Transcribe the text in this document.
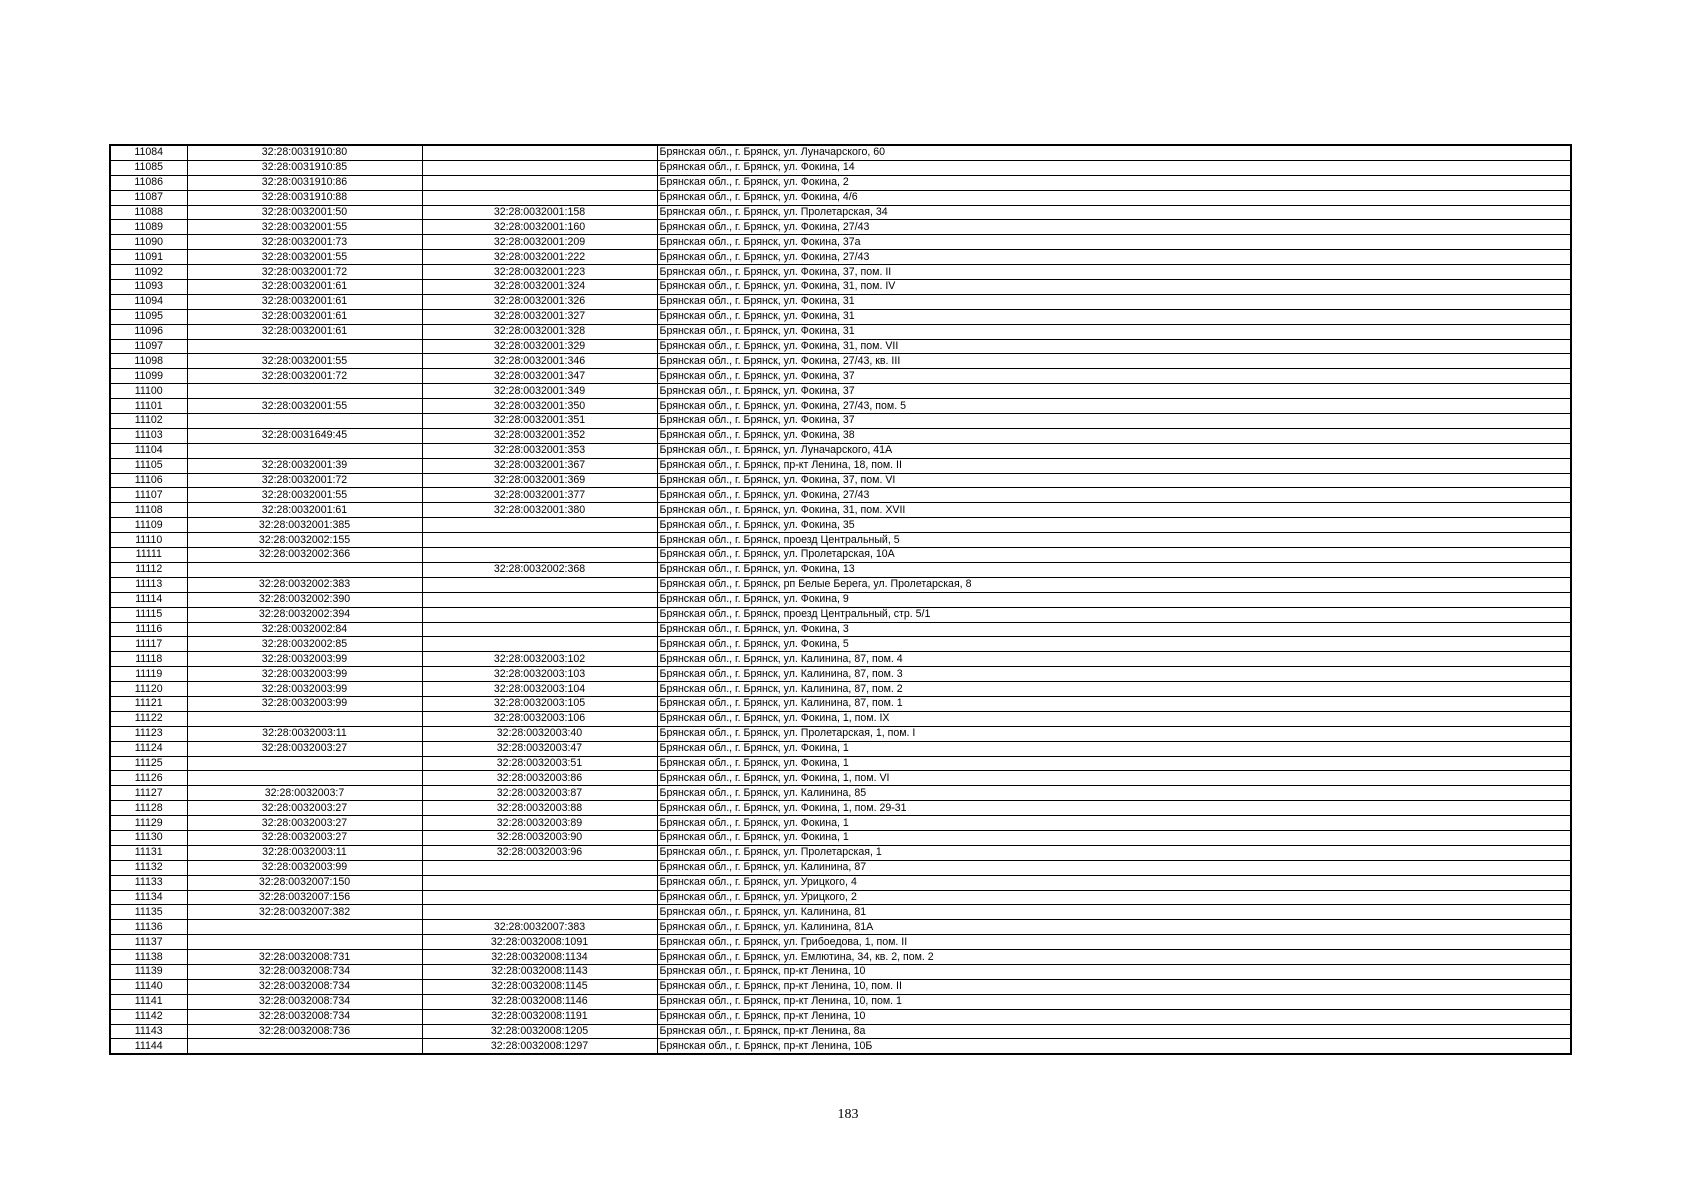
11084	32:28:0031910:80		Брянская обл., г. Брянск, ул. Луначарского, 60
11085	32:28:0031910:85		Брянская обл., г. Брянск, ул. Фокина, 14
11086	32:28:0031910:86		Брянская обл., г. Брянск, ул. Фокина, 2
11087	32:28:0031910:88		Брянская обл., г. Брянск, ул. Фокина, 4/6
11088	32:28:0032001:50	32:28:0032001:158	Брянская обл., г. Брянск, ул. Пролетарская, 34
11089	32:28:0032001:55	32:28:0032001:160	Брянская обл., г. Брянск, ул. Фокина, 27/43
11090	32:28:0032001:73	32:28:0032001:209	Брянская обл., г. Брянск, ул. Фокина, 37а
11091	32:28:0032001:55	32:28:0032001:222	Брянская обл., г. Брянск, ул. Фокина, 27/43
11092	32:28:0032001:72	32:28:0032001:223	Брянская обл., г. Брянск, ул. Фокина, 37, пом. II
11093	32:28:0032001:61	32:28:0032001:324	Брянская обл., г. Брянск, ул. Фокина, 31, пом. IV
11094	32:28:0032001:61	32:28:0032001:326	Брянская обл., г. Брянск, ул. Фокина, 31
11095	32:28:0032001:61	32:28:0032001:327	Брянская обл., г. Брянск, ул. Фокина, 31
11096	32:28:0032001:61	32:28:0032001:328	Брянская обл., г. Брянск, ул. Фокина, 31
11097		32:28:0032001:329	Брянская обл., г. Брянск, ул. Фокина, 31, пом. VII
11098	32:28:0032001:55	32:28:0032001:346	Брянская обл., г. Брянск, ул. Фокина, 27/43, кв. III
11099	32:28:0032001:72	32:28:0032001:347	Брянская обл., г. Брянск, ул. Фокина, 37
11100		32:28:0032001:349	Брянская обл., г. Брянск, ул. Фокина, 37
11101	32:28:0032001:55	32:28:0032001:350	Брянская обл., г. Брянск, ул. Фокина, 27/43, пом. 5
11102		32:28:0032001:351	Брянская обл., г. Брянск, ул. Фокина, 37
11103	32:28:0031649:45	32:28:0032001:352	Брянская обл., г. Брянск, ул. Фокина, 38
11104		32:28:0032001:353	Брянская обл., г. Брянск, ул. Луначарского, 41А
11105	32:28:0032001:39	32:28:0032001:367	Брянская обл., г. Брянск, пр-кт Ленина, 18, пом. II
11106	32:28:0032001:72	32:28:0032001:369	Брянская обл., г. Брянск, ул. Фокина, 37, пом. VI
11107	32:28:0032001:55	32:28:0032001:377	Брянская обл., г. Брянск, ул. Фокина, 27/43
11108	32:28:0032001:61	32:28:0032001:380	Брянская обл., г. Брянск, ул. Фокина, 31, пом. XVII
11109	32:28:0032001:385		Брянская обл., г. Брянск, ул. Фокина, 35
11110	32:28:0032002:155		Брянская обл., г. Брянск, проезд Центральный, 5
11111	32:28:0032002:366		Брянская обл., г. Брянск, ул. Пролетарская, 10А
11112		32:28:0032002:368	Брянская обл., г. Брянск, ул. Фокина, 13
11113	32:28:0032002:383		Брянская обл., г. Брянск, рп Белые Берега, ул. Пролетарская, 8
11114	32:28:0032002:390		Брянская обл., г. Брянск, ул. Фокина, 9
11115	32:28:0032002:394		Брянская обл., г. Брянск, проезд Центральный, стр. 5/1
11116	32:28:0032002:84		Брянская обл., г. Брянск, ул. Фокина, 3
11117	32:28:0032002:85		Брянская обл., г. Брянск, ул. Фокина, 5
11118	32:28:0032003:99	32:28:0032003:102	Брянская обл., г. Брянск, ул. Калинина, 87, пом. 4
11119	32:28:0032003:99	32:28:0032003:103	Брянская обл., г. Брянск, ул. Калинина, 87, пом. 3
11120	32:28:0032003:99	32:28:0032003:104	Брянская обл., г. Брянск, ул. Калинина, 87, пом. 2
11121	32:28:0032003:99	32:28:0032003:105	Брянская обл., г. Брянск, ул. Калинина, 87, пом. 1
11122		32:28:0032003:106	Брянская обл., г. Брянск, ул. Фокина, 1, пом. IX
11123	32:28:0032003:11	32:28:0032003:40	Брянская обл., г. Брянск, ул. Пролетарская, 1, пом. I
11124	32:28:0032003:27	32:28:0032003:47	Брянская обл., г. Брянск, ул. Фокина, 1
11125		32:28:0032003:51	Брянская обл., г. Брянск, ул. Фокина, 1
11126		32:28:0032003:86	Брянская обл., г. Брянск, ул. Фокина, 1, пом. VI
11127	32:28:0032003:7	32:28:0032003:87	Брянская обл., г. Брянск, ул. Калинина, 85
11128	32:28:0032003:27	32:28:0032003:88	Брянская обл., г. Брянск, ул. Фокина, 1, пом. 29-31
11129	32:28:0032003:27	32:28:0032003:89	Брянская обл., г. Брянск, ул. Фокина, 1
11130	32:28:0032003:27	32:28:0032003:90	Брянская обл., г. Брянск, ул. Фокина, 1
11131	32:28:0032003:11	32:28:0032003:96	Брянская обл., г. Брянск, ул. Пролетарская, 1
11132	32:28:0032003:99		Брянская обл., г. Брянск, ул. Калинина, 87
11133	32:28:0032007:150		Брянская обл., г. Брянск, ул. Урицкого, 4
11134	32:28:0032007:156		Брянская обл., г. Брянск, ул. Урицкого, 2
11135	32:28:0032007:382		Брянская обл., г. Брянск, ул. Калинина, 81
11136		32:28:0032007:383	Брянская обл., г. Брянск, ул. Калинина, 81А
11137		32:28:0032008:1091	Брянская обл., г. Брянск, ул. Грибоедова, 1, пом. II
11138	32:28:0032008:731	32:28:0032008:1134	Брянская обл., г. Брянск, ул. Емлютина, 34, кв. 2, пом. 2
11139	32:28:0032008:734	32:28:0032008:1143	Брянская обл., г. Брянск, пр-кт Ленина, 10
11140	32:28:0032008:734	32:28:0032008:1145	Брянская обл., г. Брянск, пр-кт Ленина, 10, пом. II
11141	32:28:0032008:734	32:28:0032008:1146	Брянская обл., г. Брянск, пр-кт Ленина, 10, пом. 1
11142	32:28:0032008:734	32:28:0032008:1191	Брянская обл., г. Брянск, пр-кт Ленина, 10
11143	32:28:0032008:736	32:28:0032008:1205	Брянская обл., г. Брянск, пр-кт Ленина, 8а
11144		32:28:0032008:1297	Брянская обл., г. Брянск, пр-кт Ленина, 10Б
183
